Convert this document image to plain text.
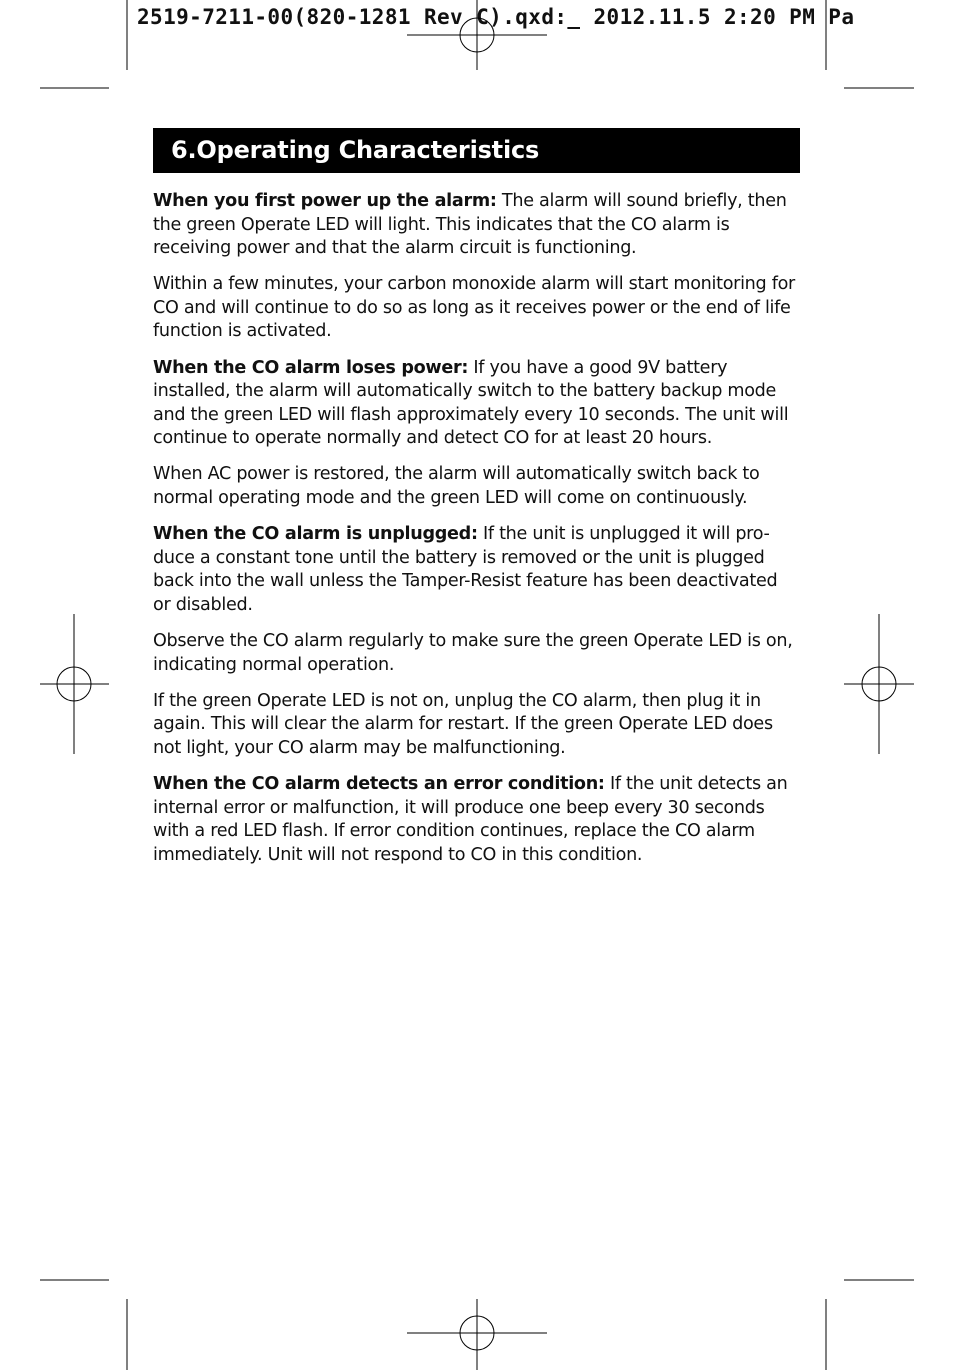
2519-7211-00(820-1281 Rev C).qxd:_ 2012.11.5 2:20 PM Pa
6.Operating Characteristics

When you first power up the alarm: The alarm will sound briefly, then the green Operate LED will light. This indicates that the CO alarm is receiving power and that the alarm circuit is functioning.

Within a few minutes, your carbon monoxide alarm will start monitoring for CO and will continue to do so as long as it receives power or the end of life function is activated.

When the CO alarm loses power: If you have a good 9V battery installed, the alarm will automatically switch to the battery backup mode and the green LED will flash approximately every 10 seconds. The unit will continue to operate normally and detect CO for at least 20 hours.

When AC power is restored, the alarm will automatically switch back to normal operating mode and the green LED will come on continuously.

When the CO alarm is unplugged: If the unit is unplugged it will pro-duce a constant tone until the battery is removed or the unit is plugged back into the wall unless the Tamper-Resist feature has been deactivated or disabled.

Observe the CO alarm regularly to make sure the green Operate LED is on, indicating normal operation.

If the green Operate LED is not on, unplug the CO alarm, then plug it in again. This will clear the alarm for restart. If the green Operate LED does not light, your CO alarm may be malfunctioning.

When the CO alarm detects an error condition: If the unit detects an internal error or malfunction, it will produce one beep every 30 seconds with a red LED flash. If error condition continues, replace the CO alarm immediately. Unit will not respond to CO in this condition.
